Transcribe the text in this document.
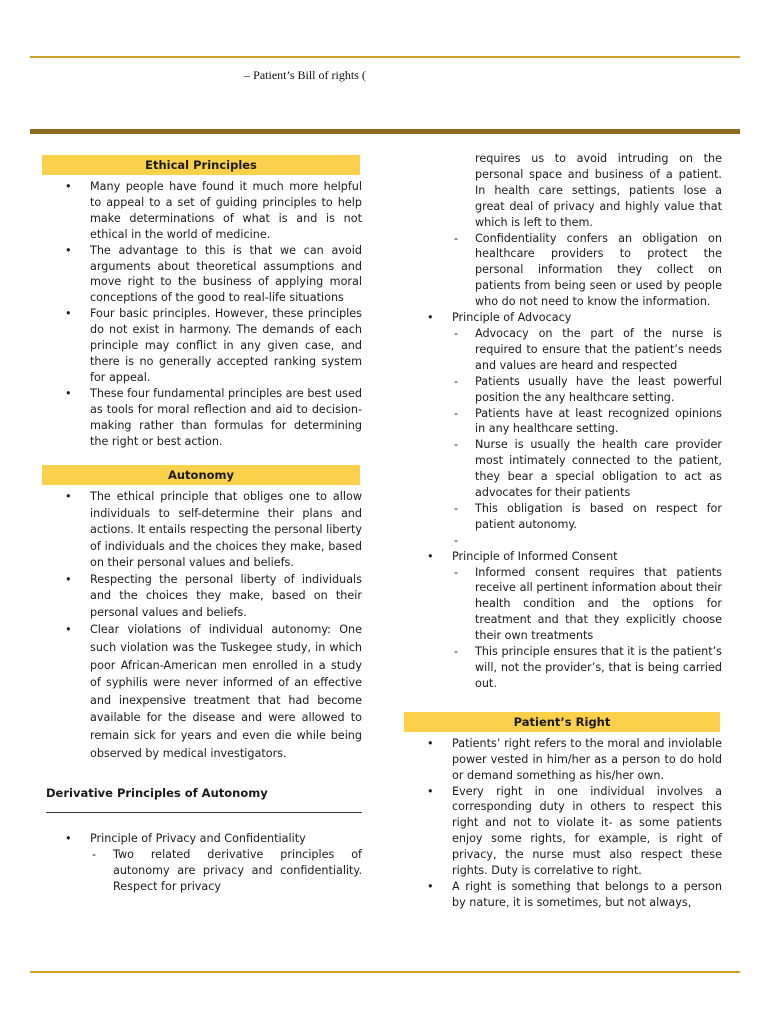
– Patient’s Bill of rights (
Ethical Principles
• Many people have found it much more helpful to appeal to a set of guiding principles to help make determinations of what is and is not ethical in the world of medicine.
• The advantage to this is that we can avoid arguments about theoretical assumptions and move right to the business of applying moral conceptions of the good to real-life situations
• Four basic principles. However, these principles do not exist in harmony. The demands of each principle may conflict in any given case, and there is no generally accepted ranking system for appeal.
• These four fundamental principles are best used as tools for moral reflection and aid to decision-making rather than formulas for determining the right or best action.
Autonomy
• The ethical principle that obliges one to allow individuals to self-determine their plans and actions. It entails respecting the personal liberty of individuals and the choices they make, based on their personal values and beliefs.
• Respecting the personal liberty of individuals and the choices they make, based on their personal values and beliefs.
• Clear violations of individual autonomy: One such violation was the Tuskegee study, in which poor African-American men enrolled in a study of syphilis were never informed of an effective and inexpensive treatment that had become available for the disease and were allowed to remain sick for years and even die while being observed by medical investigators.
Derivative Principles of Autonomy
• Principle of Privacy and Confidentiality
- Two related derivative principles of autonomy are privacy and confidentiality. Respect for privacy
requires us to avoid intruding on the personal space and business of a patient. In health care settings, patients lose a great deal of privacy and highly value that which is left to them.
- Confidentiality confers an obligation on healthcare providers to protect the personal information they collect on patients from being seen or used by people who do not need to know the information.
• Principle of Advocacy
- Advocacy on the part of the nurse is required to ensure that the patient’s needs and values are heard and respected
- Patients usually have the least powerful position the any healthcare setting.
- Patients have at least recognized opinions in any healthcare setting.
- Nurse is usually the health care provider most intimately connected to the patient, they bear a special obligation to act as advocates for their patients
- This obligation is based on respect for patient autonomy.
-
• Principle of Informed Consent
- Informed consent requires that patients receive all pertinent information about their health condition and the options for treatment and that they explicitly choose their own treatments
- This principle ensures that it is the patient’s will, not the provider’s, that is being carried out.
Patient’s Right
• Patients’ right refers to the moral and inviolable power vested in him/her as a person to do hold or demand something as his/her own.
• Every right in one individual involves a corresponding duty in others to respect this right and not to violate it- as some patients enjoy some rights, for example, is right of privacy, the nurse must also respect these rights. Duty is correlative to right.
• A right is something that belongs to a person by nature, it is sometimes, but not always,
